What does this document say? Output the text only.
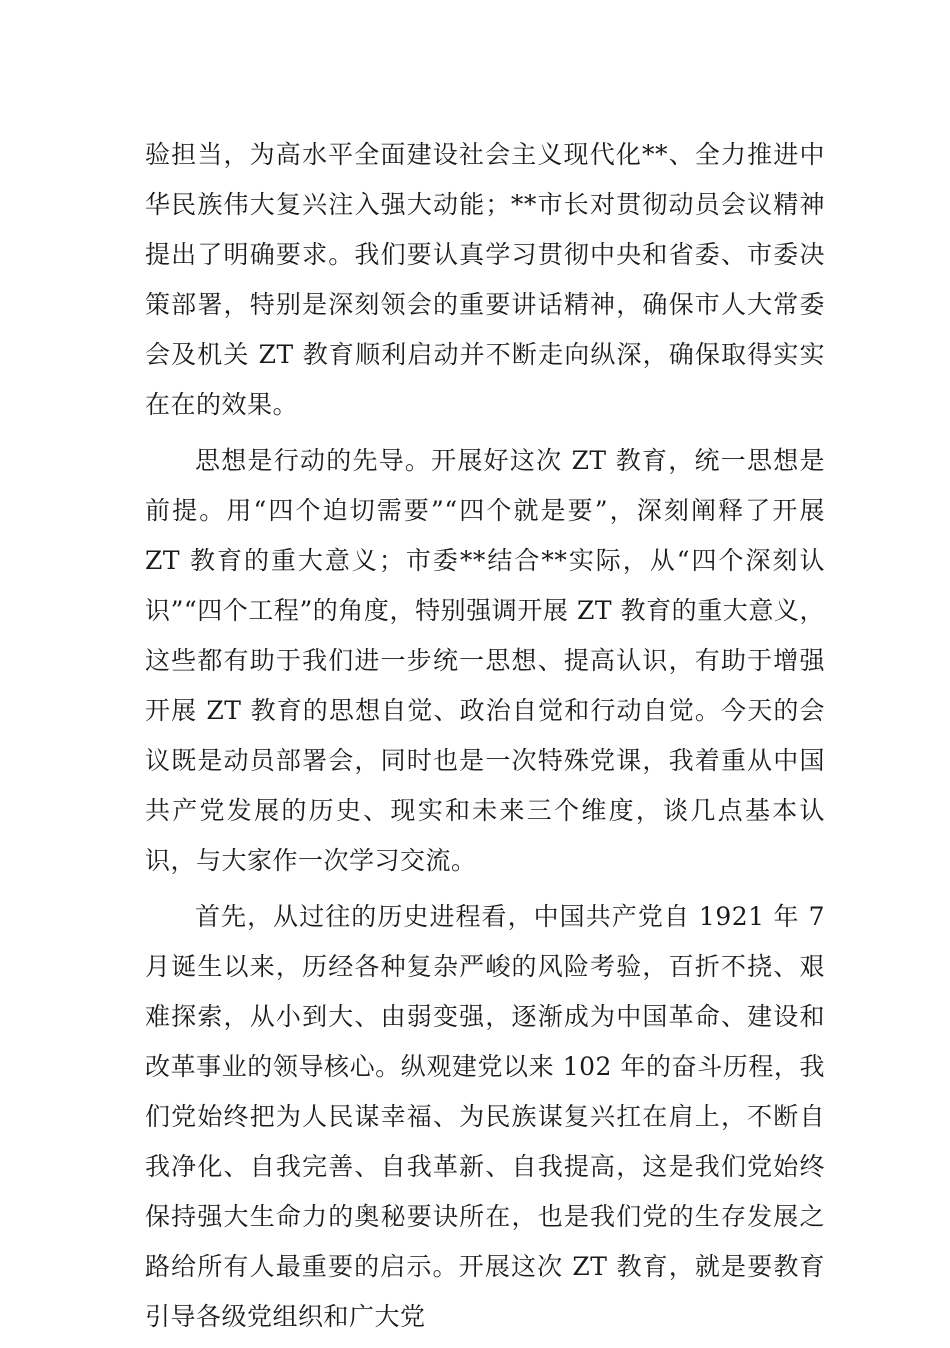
验担当，为高水平全面建设社会主义现代化**、全力推进中华民族伟大复兴注入强大动能；**市长对贯彻动员会议精神提出了明确要求。我们要认真学习贯彻中央和省委、市委决策部署，特别是深刻领会的重要讲话精神，确保市人大常委会及机关 ZT 教育顺利启动并不断走向纵深，确保取得实实在在的效果。

思想是行动的先导。开展好这次 ZT 教育，统一思想是前提。用“四个迫切需要”“四个就是要”，深刻阐释了开展 ZT 教育的重大意义；市委**结合**实际，从“四个深刻认识”“四个工程”的角度，特别强调开展 ZT 教育的重大意义，这些都有助于我们进一步统一思想、提高认识，有助于增强开展 ZT 教育的思想自觉、政治自觉和行动自觉。今天的会议既是动员部署会，同时也是一次特殊党课，我着重从中国共产党发展的历史、现实和未来三个维度，谈几点基本认识，与大家作一次学习交流。

首先，从过往的历史进程看，中国共产党自 1921 年 7 月诞生以来，历经各种复杂严峻的风险考验，百折不挠、艰难探索，从小到大、由弱变强，逐渐成为中国革命、建设和改革事业的领导核心。纵观建党以来 102 年的奋斗历程，我们党始终把为人民谋幸福、为民族谋复兴扛在肩上，不断自我净化、自我完善、自我革新、自我提高，这是我们党始终保持强大生命力的奥秘要诀所在，也是我们党的生存发展之路给所有人最重要的启示。开展这次 ZT 教育，就是要教育引导各级党组织和广大党
